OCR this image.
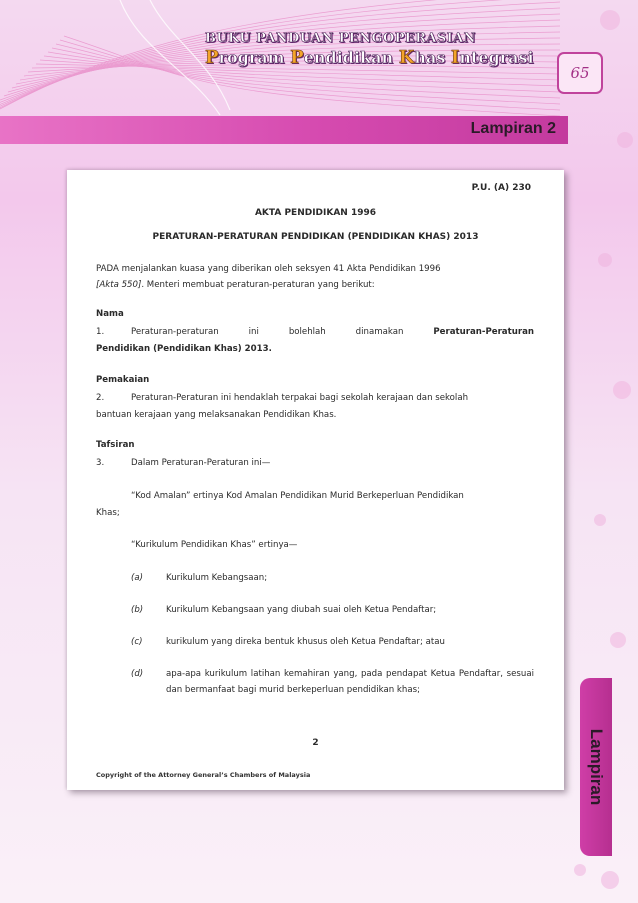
BUKU PANDUAN PENGOPERASIAN
Program Pendidikan Khas Integrasi
65
Lampiran 2
Lampiran

P.U. (A) 230

AKTA PENDIDIKAN 1996

PERATURAN-PERATURAN PENDIDIKAN (PENDIDIKAN KHAS) 2013

PADA menjalankan kuasa yang diberikan oleh seksyen 41 Akta Pendidikan 1996
[Akta 550]. Menteri membuat peraturan-peraturan yang berikut:

Nama

1.	Peraturan-peraturan	ini	bolehlah	dinamakan	Peraturan-Peraturan

Pendidikan (Pendidikan Khas) 2013.

Pemakaian

2.	Peraturan-Peraturan ini hendaklah terpakai bagi sekolah kerajaan dan sekolah

bantuan kerajaan yang melaksanakan Pendidikan Khas.

Tafsiran

3.	Dalam Peraturan-Peraturan ini—
“Kod Amalan” ertinya Kod Amalan Pendidikan Murid Berkeperluan Pendidikan

Khas;

“Kurikulum Pendidikan Khas” ertinya—
(a)	Kurikulum Kebangsaan;
(b)	Kurikulum Kebangsaan yang diubah suai oleh Ketua Pendaftar;
(c)	kurikulum yang direka bentuk khusus oleh Ketua Pendaftar; atau
(d)	apa-apa kurikulum latihan kemahiran yang, pada pendapat Ketua Pendaftar, sesuai dan bermanfaat bagi murid berkeperluan pendidikan khas;

2

Copyright of the Attorney General’s Chambers of Malaysia
